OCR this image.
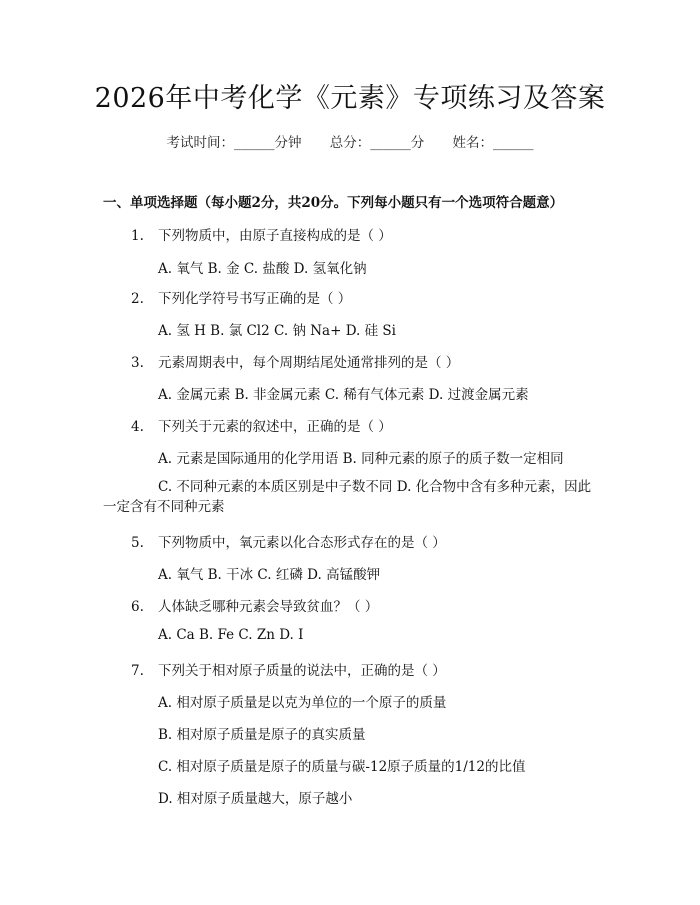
2026年中考化学《元素》专项练习及答案
考试时间：______分钟 总分：______分 姓名：______
一、单项选择题（每小题2分，共20分。下列每小题只有一个选项符合题意）
1. 下列物质中，由原子直接构成的是（ ）
A. 氧气 B. 金 C. 盐酸 D. 氢氧化钠
2. 下列化学符号书写正确的是（ ）
A. 氢 H B. 氯 Cl2 C. 钠 Na+ D. 硅 Si
3. 元素周期表中，每个周期结尾处通常排列的是（ ）
A. 金属元素 B. 非金属元素 C. 稀有气体元素 D. 过渡金属元素
4. 下列关于元素的叙述中，正确的是（ ）
A. 元素是国际通用的化学用语 B. 同种元素的原子的质子数一定相同
C. 不同种元素的本质区别是中子数不同 D. 化合物中含有多种元素，因此一定含有不同种元素
5. 下列物质中，氧元素以化合态形式存在的是（ ）
A. 氧气 B. 干冰 C. 红磷 D. 高锰酸钾
6. 人体缺乏哪种元素会导致贫血？（ ）
A. Ca B. Fe C. Zn D. I
7. 下列关于相对原子质量的说法中，正确的是（ ）
A. 相对原子质量是以克为单位的一个原子的质量
B. 相对原子质量是原子的真实质量
C. 相对原子质量是原子的质量与碳-12原子质量的1/12的比值
D. 相对原子质量越大，原子越小
